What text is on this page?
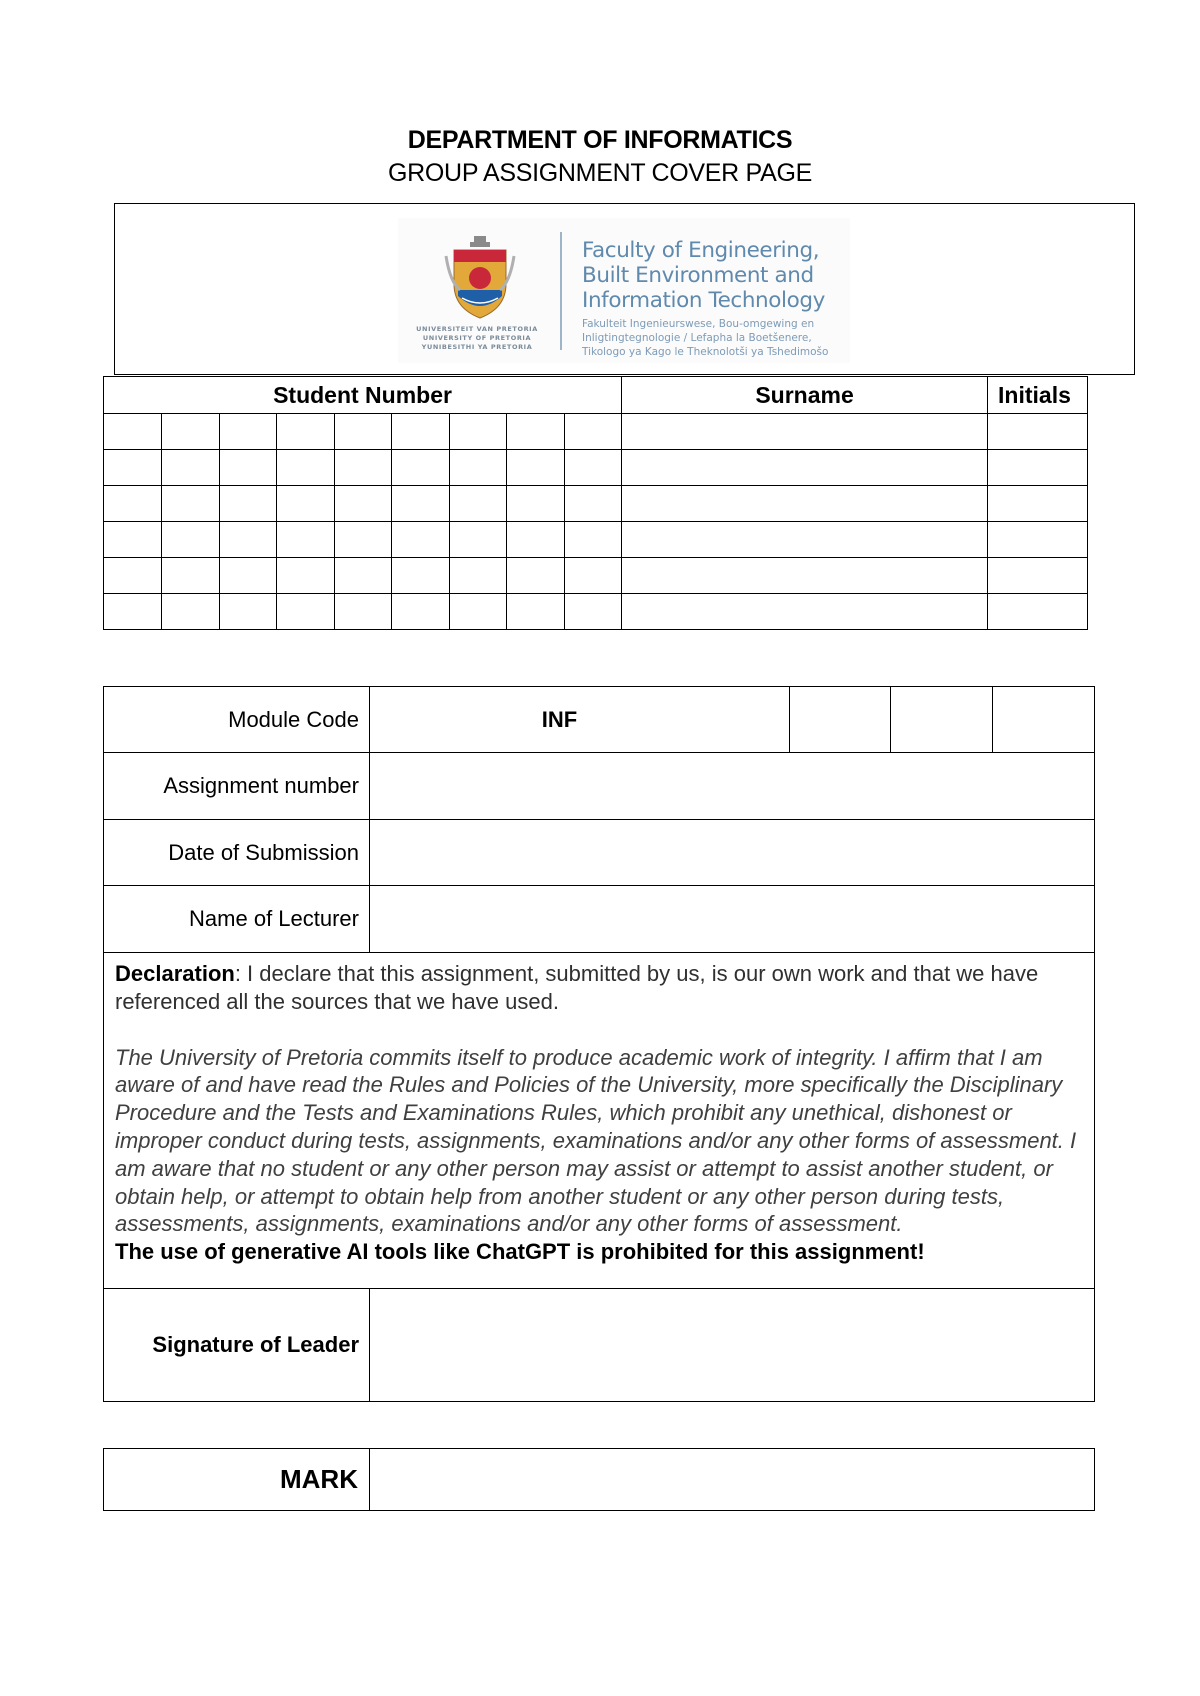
DEPARTMENT OF INFORMATICS
GROUP ASSIGNMENT COVER PAGE
UNIVERSITEIT VAN PRETORIA
UNIVERSITY OF PRETORIA
YUNIBESITHI YA PRETORIA
Faculty of Engineering,
Built Environment and
Information Technology
Fakulteit Ingenieurswese, Bou-omgewing en
Inligtingtegnologie / Lefapha la Boetšenere,
Tikologo ya Kago le Theknolotši ya Tshedimošo
Student Number									Surname	Initials

Module Code	INF			
Assignment number				
Date of Submission				
Name of Lecturer				

Declaration: I declare that this assignment, submitted by us, is our own work and that we have referenced all the sources that we have used.

The University of Pretoria commits itself to produce academic work of integrity. I affirm that I am aware of and have read the Rules and Policies of the University, more specifically the Disciplinary Procedure and the Tests and Examinations Rules, which prohibit any unethical, dishonest or improper conduct during tests, assignments, examinations and/or any other forms of assessment. I am aware that no student or any other person may assist or attempt to assist another student, or obtain help, or attempt to obtain help from another student or any other person during tests, assessments, assignments, examinations and/or any other forms of assessment.

The use of generative AI tools like ChatGPT is prohibited for this assignment!				

Signature of Leader				
MARK	
